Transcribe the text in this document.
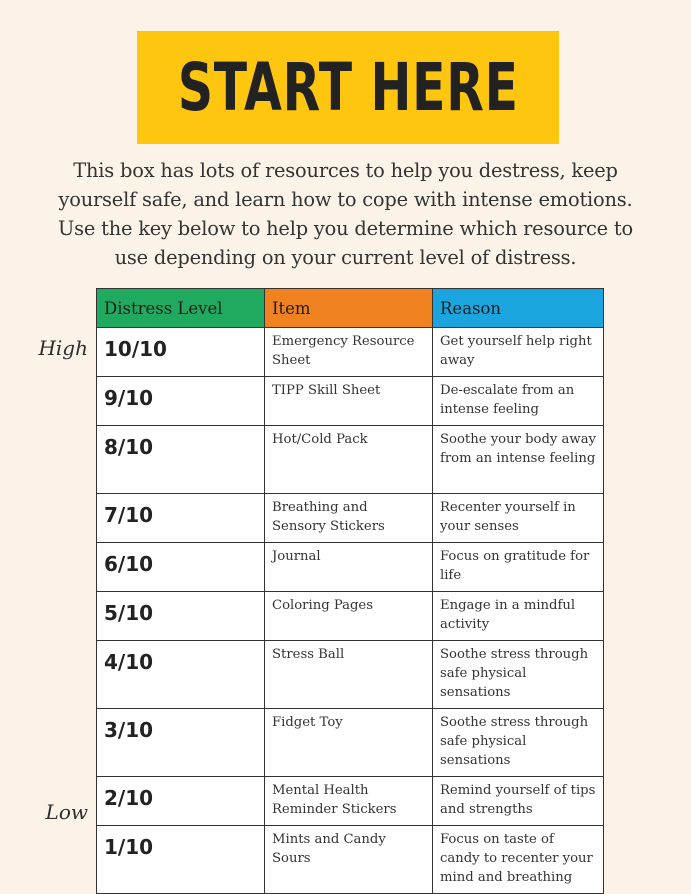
START HERE
This box has lots of resources to help you destress, keep
yourself safe, and learn how to cope with intense emotions.
Use the key below to help you determine which resource to
use depending on your current level of distress.
High
Low
Distress Level	Item	Reason
10/10	Emergency Resource Sheet	Get yourself help right away
9/10	TIPP Skill Sheet	De-escalate from an intense feeling
8/10	Hot/Cold Pack	Soothe your body away from an intense feeling
7/10	Breathing and Sensory Stickers	Recenter yourself in your senses
6/10	Journal	Focus on gratitude for life
5/10	Coloring Pages	Engage in a mindful activity
4/10	Stress Ball	Soothe stress through safe physical sensations
3/10	Fidget Toy	Soothe stress through safe physical sensations
2/10	Mental Health Reminder Stickers	Remind yourself of tips and strengths
1/10	Mints and Candy Sours	Focus on taste of candy to recenter your mind and breathing
